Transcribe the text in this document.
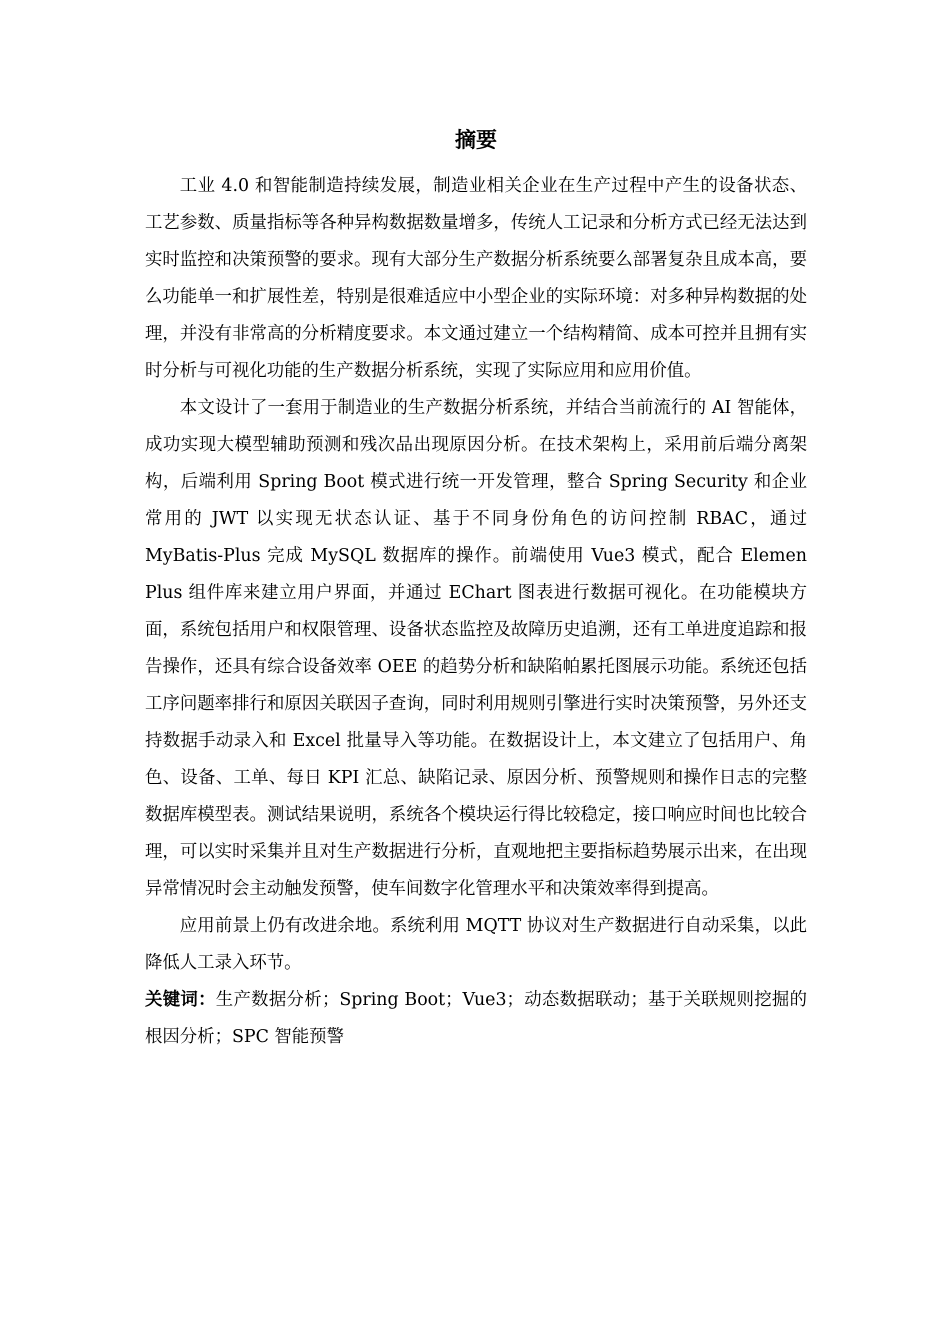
摘要

工业 4.0 和智能制造持续发展，制造业相关企业在生产过程中产生的设备状态、工艺参数、质量指标等各种异构数据数量增多，传统人工记录和分析方式已经无法达到实时监控和决策预警的要求。现有大部分生产数据分析系统要么部署复杂且成本高，要么功能单一和扩展性差，特别是很难适应中小型企业的实际环境：对多种异构数据的处理，并没有非常高的分析精度要求。本文通过建立一个结构精简、成本可控并且拥有实时分析与可视化功能的生产数据分析系统，实现了实际应用和应用价值。

本文设计了一套用于制造业的生产数据分析系统，并结合当前流行的 AI 智能体，成功实现大模型辅助预测和残次品出现原因分析。在技术架构上，采用前后端分离架构，后端利用 Spring Boot 模式进行统一开发管理，整合 Spring Security 和企业常用的 JWT 以实现无状态认证、基于不同身份角色的访问控制 RBAC，通过 MyBatis-Plus 完成 MySQL 数据库的操作。前端使用 Vue3 模式，配合 Elemen Plus 组件库来建立用户界面，并通过 EChart 图表进行数据可视化。在功能模块方面，系统包括用户和权限管理、设备状态监控及故障历史追溯，还有工单进度追踪和报告操作，还具有综合设备效率 OEE 的趋势分析和缺陷帕累托图展示功能。系统还包括工序问题率排行和原因关联因子查询，同时利用规则引擎进行实时决策预警，另外还支持数据手动录入和 Excel 批量导入等功能。在数据设计上，本文建立了包括用户、角色、设备、工单、每日 KPI 汇总、缺陷记录、原因分析、预警规则和操作日志的完整数据库模型表。测试结果说明，系统各个模块运行得比较稳定，接口响应时间也比较合理，可以实时采集并且对生产数据进行分析，直观地把主要指标趋势展示出来，在出现异常情况时会主动触发预警，使车间数字化管理水平和决策效率得到提高。

应用前景上仍有改进余地。系统利用 MQTT 协议对生产数据进行自动采集，以此降低人工录入环节。

关键词：生产数据分析；Spring Boot；Vue3；动态数据联动；基于关联规则挖掘的根因分析；SPC 智能预警
